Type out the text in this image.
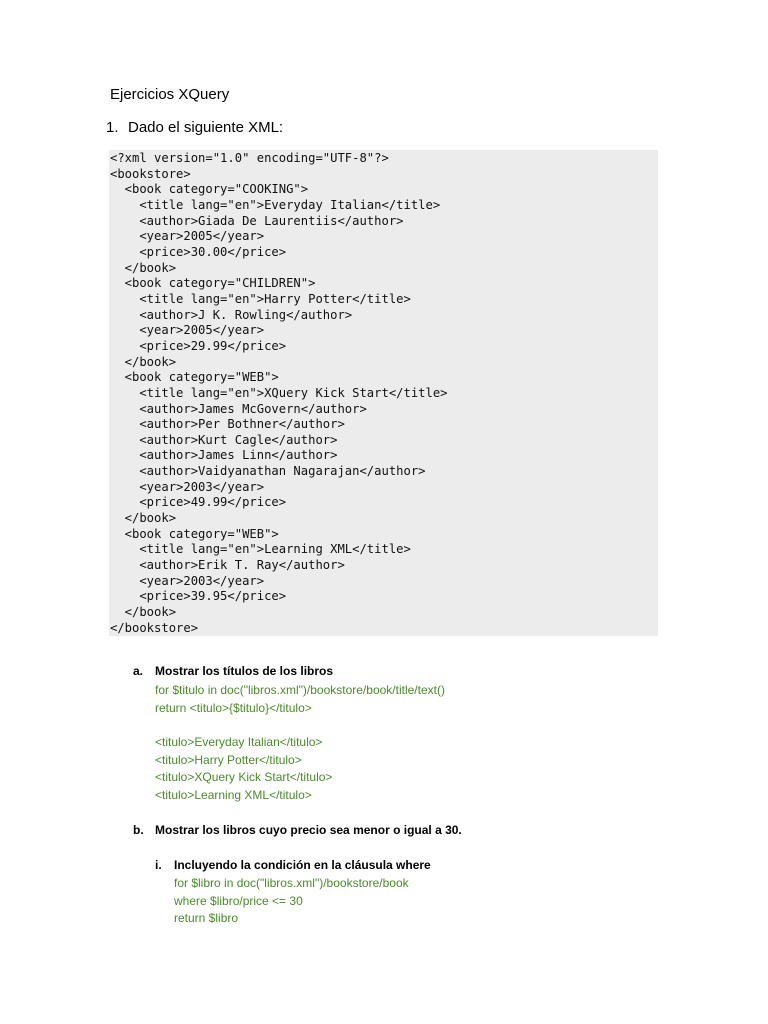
Ejercicios XQuery
1. Dado el siguiente XML:
<?xml version="1.0" encoding="UTF-8"?>
<bookstore>
<book category="COOKING">
<title lang="en">Everyday Italian</title>
<author>Giada De Laurentiis</author>
<year>2005</year>
<price>30.00</price>
</book>
<book category="CHILDREN">
<title lang="en">Harry Potter</title>
<author>J K. Rowling</author>
<year>2005</year>
<price>29.99</price>
</book>
<book category="WEB">
<title lang="en">XQuery Kick Start</title>
<author>James McGovern</author>
<author>Per Bothner</author>
<author>Kurt Cagle</author>
<author>James Linn</author>
<author>Vaidyanathan Nagarajan</author>
<year>2003</year>
<price>49.99</price>
</book>
<book category="WEB">
<title lang="en">Learning XML</title>
<author>Erik T. Ray</author>
<year>2003</year>
<price>39.95</price>
</book>
</bookstore>
a. Mostrar los títulos de los libros
for $titulo in doc("libros.xml")/bookstore/book/title/text()
return <titulo>{$titulo}</titulo>
<titulo>Everyday Italian</titulo>
<titulo>Harry Potter</titulo>
<titulo>XQuery Kick Start</titulo>
<titulo>Learning XML</titulo>
b. Mostrar los libros cuyo precio sea menor o igual a 30.
i. Incluyendo la condición en la cláusula where
for $libro in doc("libros.xml")/bookstore/book
where $libro/price <= 30
return $libro
